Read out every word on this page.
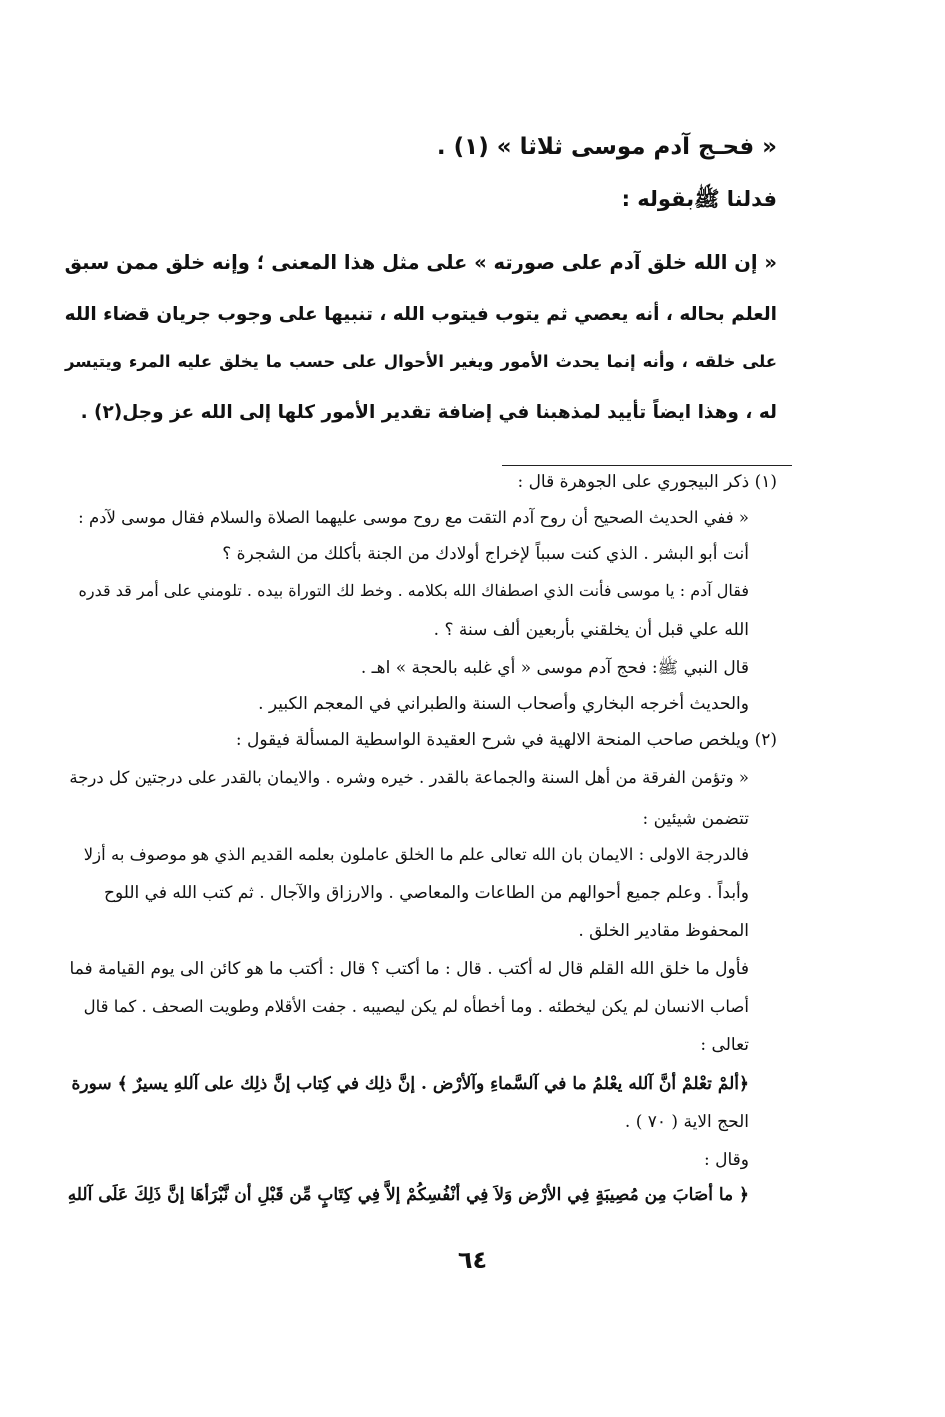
« فحـج آدم موسى ثلاثا » (١) .
فدلنا ﷺبقوله :
« إن الله خلق آدم على صورته » على مثل هذا المعنى ؛ وإنه خلق ممن سبق
العلم بحاله ، أنه يعصي ثم يتوب فيتوب الله ، تنبيها على وجوب جريان قضاء الله
على خلقه ، وأنه إنما يحدث الأمور ويغير الأحوال على حسب ما يخلق عليه المرء ويتيسر
له ، وهذا ايضاً تأييد لمذهبنا في إضافة تقدير الأمور كلها إلى الله عز وجل(٢) .
(١) ذكر البيجوري على الجوهرة قال :
« ففي الحديث الصحيح أن روح آدم التقت مع روح موسى عليهما الصلاة والسلام فقال موسى لآدم :
أنت أبو البشر . الذي كنت سبباً لإخراج أولادك من الجنة بأكلك من الشجرة ؟
فقال آدم : يا موسى فأنت الذي اصطفاك الله بكلامه . وخط لك التوراة بيده . تلومني على أمر قد قدره
الله علي قبل أن يخلقني بأربعين ألف سنة ؟ .
قال النبي ﷺ: فحج آدم موسى « أي غلبه بالحجة » اهـ .
والحديث أخرجه البخاري وأصحاب السنة والطبراني في المعجم الكبير .
(٢) ويلخص صاحب المنحة الالهية في شرح العقيدة الواسطية المسألة فيقول :
« وتؤمن الفرقة من أهل السنة والجماعة بالقدر . خيره وشره . والايمان بالقدر على درجتين كل درجة
تتضمن شيئين :
فالدرجة الاولى : الايمان بان الله تعالى علم ما الخلق عاملون بعلمه القديم الذي هو موصوف به أزلا
وأبداً . وعلم جميع أحوالهم من الطاعات والمعاصي . والارزاق والآجال . ثم كتب الله في اللوح
المحفوظ مقادير الخلق .
فأول ما خلق الله القلم قال له أكتب . قال : ما أكتب ؟ قال : أكتب ما هو كائن الى يوم القيامة فما
أصاب الانسان لم يكن ليخطئه . وما أخطأه لم يكن ليصيبه . جفت الأقلام وطويت الصحف . كما قال
تعالى :
﴿ألمْ تعْلمْ أنَّ آلله يعْلمُ ما في آلسَّماءِ وآلأرْض . إنَّ ذلِك في كِتاب إنَّ ذلِك على آللهِ يسيرٌ ﴾ سورة
الحج الاية ( ٧٠ ) .
وقال :
﴿ ما أصَابَ مِن مُصِيبَةٍ فِي الأرْض وَلاَ فِي أنْفُسِكُمْ إلاَّ فِي كِتَابٍ مِّن قَبْلِ أن نَّبْرَأهَا إنَّ ذَلِكَ عَلَى آللهِ
٦٤
